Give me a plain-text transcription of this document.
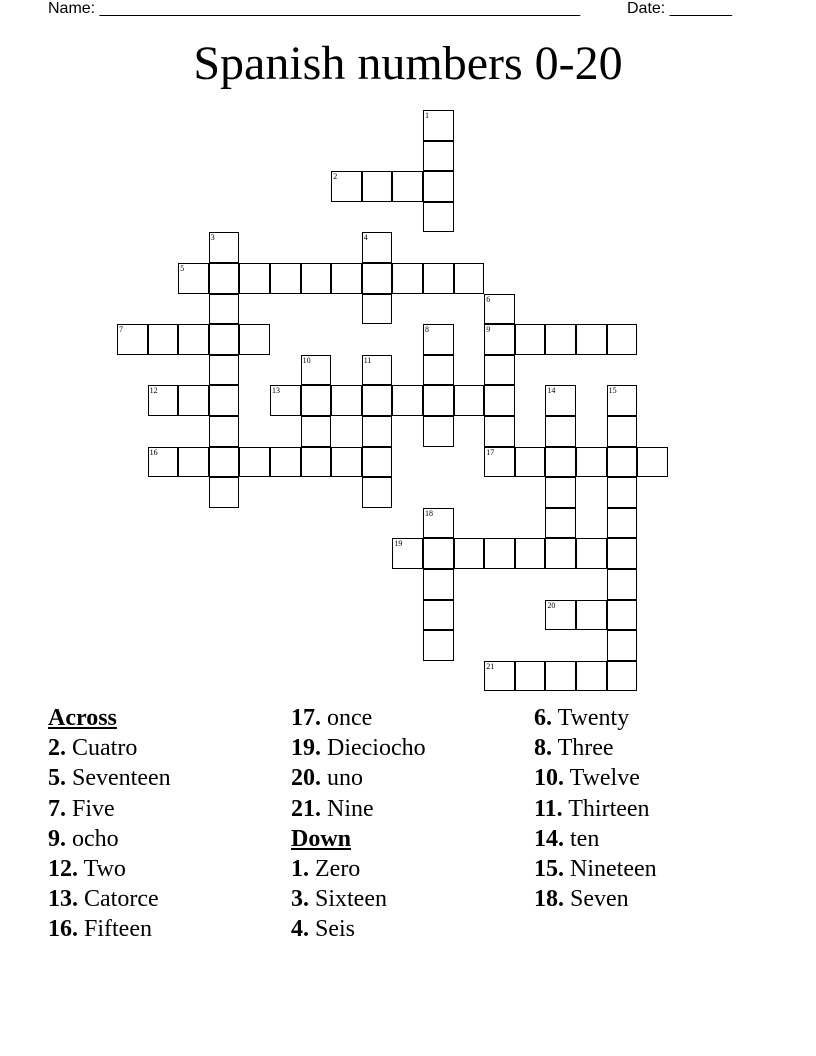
Name: ______________________________________________________	Date: _______
Spanish numbers 0-20
1
2
3	4
5
6
9
17
7	8
10	11
12	13	14	15
16
18
19
20
21
Across
2. Cuatro
5. Seventeen
7. Five
9. ocho
12. Two
13. Catorce
16. Fifteen
17. once
19. Dieciocho
20. uno
21. Nine
Down
1. Zero
3. Sixteen
4. Seis
6. Twenty
8. Three
10. Twelve
11. Thirteen
14. ten
15. Nineteen
18. Seven
